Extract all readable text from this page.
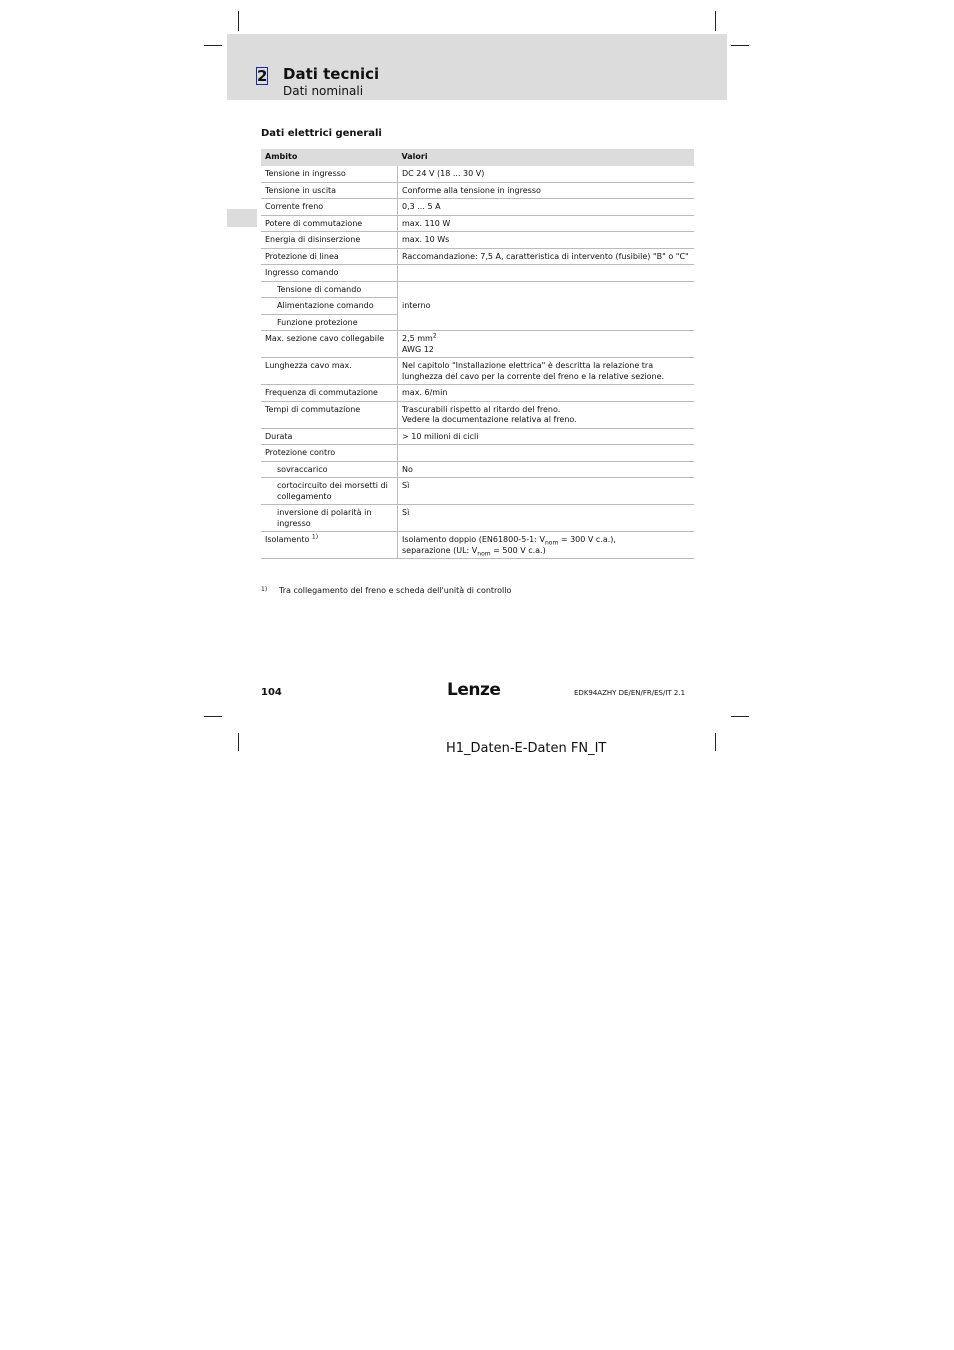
2 Dati tecnici
Dati nominali
Dati elettrici generali
Ambito	Valori
Tensione in ingresso	DC 24 V (18 ... 30 V)
Tensione in uscita	Conforme alla tensione in ingresso
Corrente freno	0,3 ... 5 A
Potere di commutazione	max. 110 W
Energia di disinserzione	max. 10 Ws
Protezione di linea	Raccomandazione: 7,5 A, caratteristica di intervento (fusibile) "B" o "C"
Ingresso comando	
Tensione di comando	interno
Alimentazione comando	
Funzione protezione	
Max. sezione cavo collegabile	2,5 $mm^2$
AWG 12
Lunghezza cavo max.	Nel capitolo "Installazione elettrica" è descritta la relazione tra lunghezza del cavo per la corrente del freno e la relative sezione.
Frequenza di commutazione	max. 6/min
Tempi di commutazione	Trascurabili rispetto al ritardo del freno.
Vedere la documentazione relativa al freno.
Durata	> 10 milioni di cicli
Protezione contro	
sovraccarico	No
cortocircuito dei morsetti di collegamento	Sì
inversione di polarità in ingresso	Sì
Isolamento $^{1)}$	Isolamento doppio (EN61800-5-1: $V_{nom} = 300$ V c.a.),
separazione (UL: $V_{nom} = 500$ V c.a.)
1) Tra collegamento del freno e scheda dell'unità di controllo
104	Lenze	EDK94AZHY DE/EN/FR/ES/IT 2.1
H1_Daten-E-Daten FN_IT
